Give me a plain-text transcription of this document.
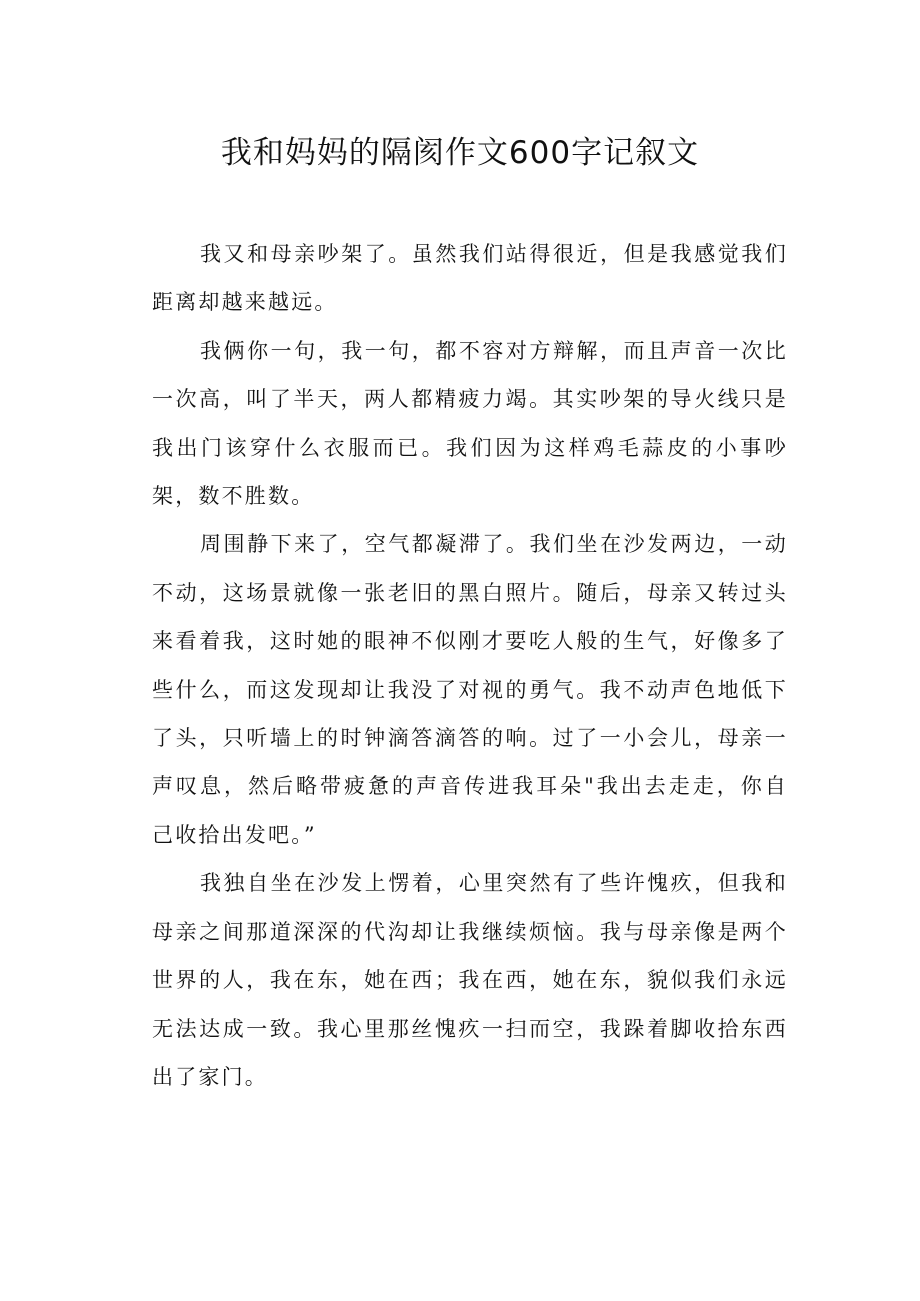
我和妈妈的隔阂作文600字记叙文

我又和母亲吵架了。虽然我们站得很近，但是我感觉我们距离却越来越远。

我俩你一句，我一句，都不容对方辩解，而且声音一次比一次高，叫了半天，两人都精疲力竭。其实吵架的导火线只是我出门该穿什么衣服而已。我们因为这样鸡毛蒜皮的小事吵架，数不胜数。

周围静下来了，空气都凝滞了。我们坐在沙发两边，一动不动，这场景就像一张老旧的黑白照片。随后，母亲又转过头来看着我，这时她的眼神不似刚才要吃人般的生气，好像多了些什么，而这发现却让我没了对视的勇气。我不动声色地低下了头，只听墙上的时钟滴答滴答的响。过了一小会儿，母亲一声叹息，然后略带疲惫的声音传进我耳朵"我出去走走，你自己收拾出发吧。”

我独自坐在沙发上愣着，心里突然有了些许愧疚，但我和母亲之间那道深深的代沟却让我继续烦恼。我与母亲像是两个世界的人，我在东，她在西；我在西，她在东，貌似我们永远无法达成一致。我心里那丝愧疚一扫而空，我跺着脚收拾东西出了家门。
